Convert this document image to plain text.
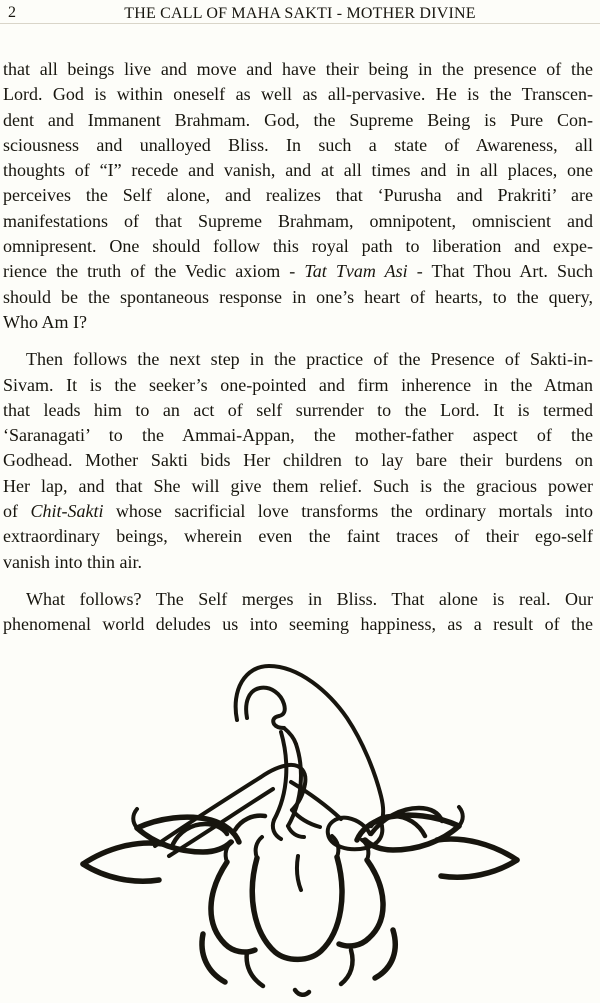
2	THE CALL OF MAHA SAKTI - MOTHER DIVINE
that all beings live and move and have their being in the presence of the
Lord. God is within oneself as well as all-pervasive. He is the Transcen-
dent and Immanent Brahmam. God, the Supreme Being is Pure Con-
sciousness and unalloyed Bliss. In such a state of Awareness, all
thoughts of “I” recede and vanish, and at all times and in all places, one
perceives the Self alone, and realizes that ‘Purusha and Prakriti’ are
manifestations of that Supreme Brahmam, omnipotent, omniscient and
omnipresent. One should follow this royal path to liberation and expe-
rience the truth of the Vedic axiom - Tat Tvam Asi - That Thou Art. Such
should be the spontaneous response in one’s heart of hearts, to the query,
Who Am I?
Then follows the next step in the practice of the Presence of Sakti-in-
Sivam. It is the seeker’s one-pointed and firm inherence in the Atman
that leads him to an act of self surrender to the Lord. It is termed
‘Saranagati’ to the Ammai-Appan, the mother-father aspect of the
Godhead. Mother Sakti bids Her children to lay bare their burdens on
Her lap, and that She will give them relief. Such is the gracious power
of Chit-Sakti whose sacrificial love transforms the ordinary mortals into
extraordinary beings, wherein even the faint traces of their ego-self
vanish into thin air.
What follows? The Self merges in Bliss. That alone is real. Our
phenomenal world deludes us into seeming happiness, as a result of the
